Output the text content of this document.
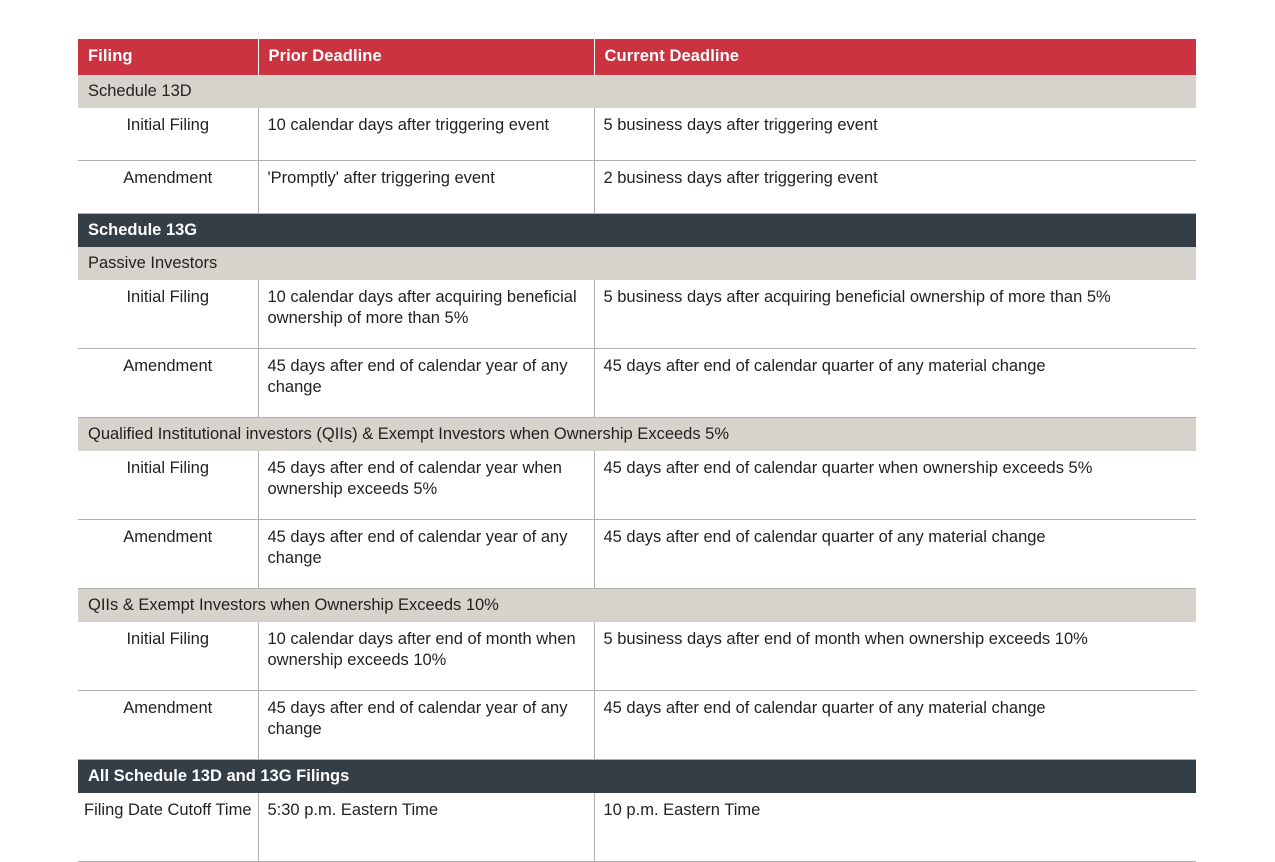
Filing	Prior Deadline	Current Deadline
Schedule 13D		
Initial Filing	10 calendar days after triggering event	5 business days after triggering event
Amendment	'Promptly' after triggering event	2 business days after triggering event
Schedule 13G		
Passive Investors		
Initial Filing	10 calendar days after acquiring beneficial ownership of more than 5%	5 business days after acquiring beneficial ownership of more than 5%
Amendment	45 days after end of calendar year of any change	45 days after end of calendar quarter of any material change
Qualified Institutional investors (QIIs) & Exempt Investors when Ownership Exceeds 5%		
Initial Filing	45 days after end of calendar year when ownership exceeds 5%	45 days after end of calendar quarter when ownership exceeds 5%
Amendment	45 days after end of calendar year of any change	45 days after end of calendar quarter of any material change
QIIs & Exempt Investors when Ownership Exceeds 10%		
Initial Filing	10 calendar days after end of month when ownership exceeds 10%	5 business days after end of month when ownership exceeds 10%
Amendment	45 days after end of calendar year of any change	45 days after end of calendar quarter of any material change
All Schedule 13D and 13G Filings		
Filing Date Cutoff Time	5:30 p.m. Eastern Time	10 p.m. Eastern Time
